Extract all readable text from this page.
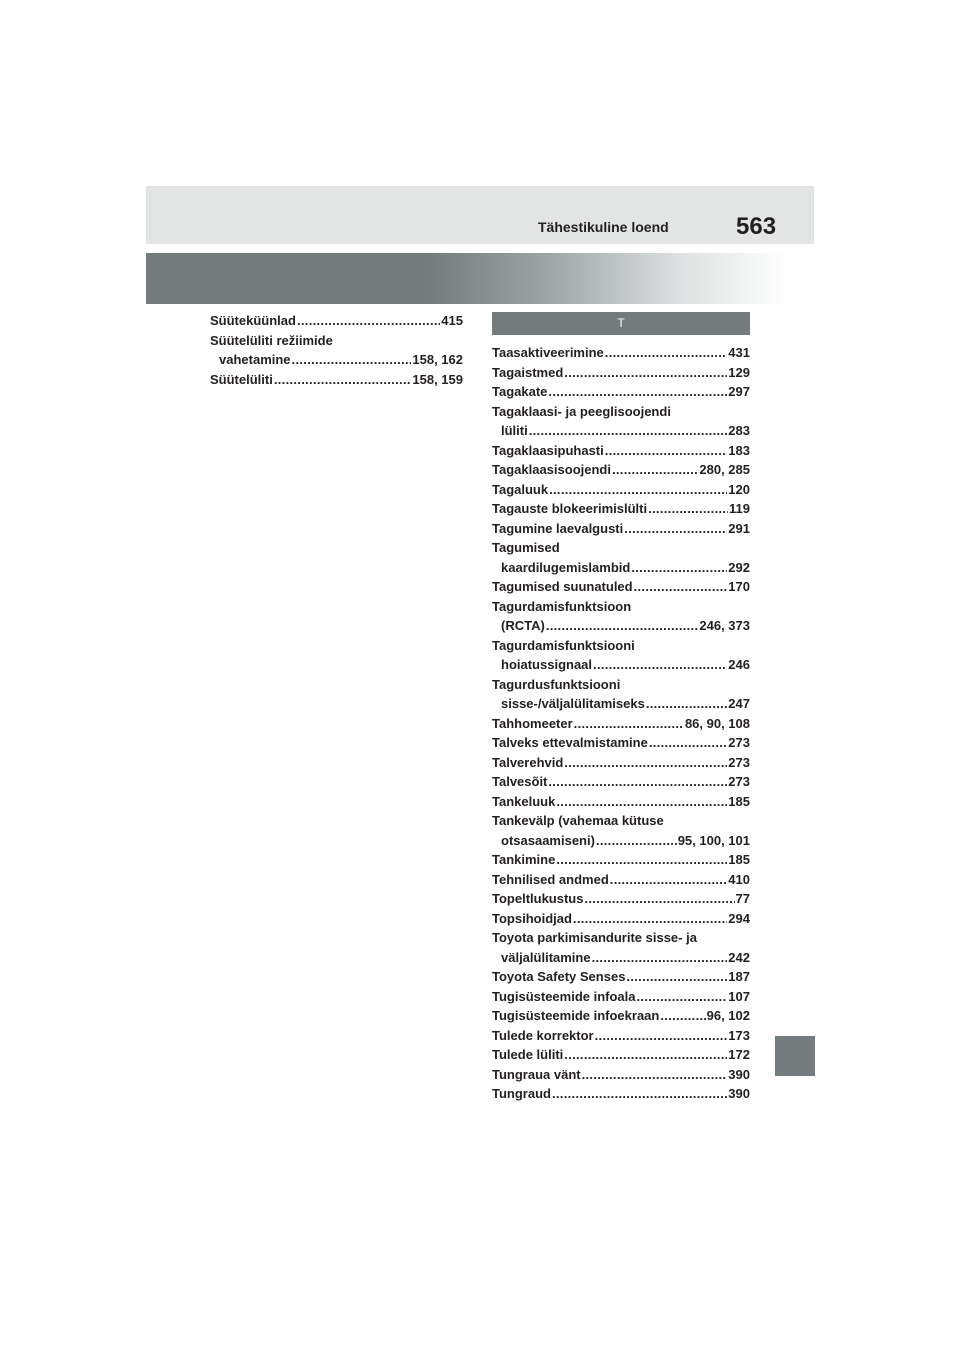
Tähestikuline loend	563
Süüteküünlad .....	415
Süütelüliti režiimide
vahetamine .....	158, 162
Süütelüliti .....	158, 159
T
Taasaktiveerimine .....	431
Tagaistmed .....	129
Tagakate .....	297
Tagaklaasi- ja peeglisoojendi
lüliti .....	283
Tagaklaasipuhasti .....	183
Tagaklaasisoojendi .....	280, 285
Tagaluuk .....	120
Tagauste blokeerimislülti .....	119
Tagumine laevalgusti .....	291
Tagumised
kaardilugemislambid .....	292
Tagumised suunatuled .....	170
Tagurdamisfunktsioon
(RCTA) .....	246, 373
Tagurdamisfunktsiooni
hoiatussignaal .....	246
Tagurdusfunktsiooni
sisse-/väljalülitamiseks .....	247
Tahhomeeter .....	86, 90, 108
Talveks ettevalmistamine .....	273
Talverehvid .....	273
Talvesõit .....	273
Tankeluuk .....	185
Tankevälp (vahemaa kütuse
otsasaamiseni) .....	95, 100, 101
Tankimine .....	185
Tehnilised andmed .....	410
Topeltlukustus .....	77
Topsihoidjad .....	294
Toyota parkimisandurite sisse- ja
väljalülitamine .....	242
Toyota Safety Senses .....	187
Tugisüsteemide infoala .....	107
Tugisüsteemide infoekraan .....	96, 102
Tulede korrektor .....	173
Tulede lüliti .....	172
Tungraua vänt .....	390
Tungraud .....	390
